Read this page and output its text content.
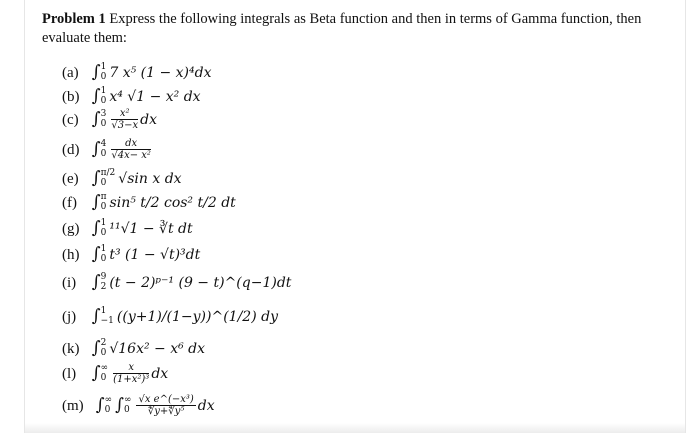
Problem 1 Express the following integrals as Beta function and then in terms of Gamma function, then evaluate them:
(a) ∫ 1
0 7 x⁵ (1 − x)⁴dx
(b) ∫ 1
0 x⁴ √1 − x² dx
(c) ∫ 3
$0 \frac{\text{x²}}{√3-x}$ dx
(d) ∫ 4
$0 \frac{dx}{\text{√4x− x²}}$
(e) ∫ π/2
0 √sin x dx
(f) ∫ π
0 sin⁵ t/2 cos² t/2 dt
(g) ∫ 1
0 ¹¹√1 − ∛t dt
(h) ∫ 1
0 t³ (1 − √t)³dt
(i) ∫ 9
2 (t − 2)ᵖ⁻¹ (9 − t)^(q−1)dt
(j) ∫ 1
−1 ((y+1)/(1−y))^(1/2) dy
(k) ∫ 2
0 √16x² − x⁶ dx
(l) ∫ ∞
$0 \frac{x}{\text{(1+x²)³}}$ dx
(m) ∫ ∞
0 ∫ ∞
$0 \frac{\text{√x e\textasciicircum{}(−x³)}}{\text{∜y+∜y⁵}}$ dx
